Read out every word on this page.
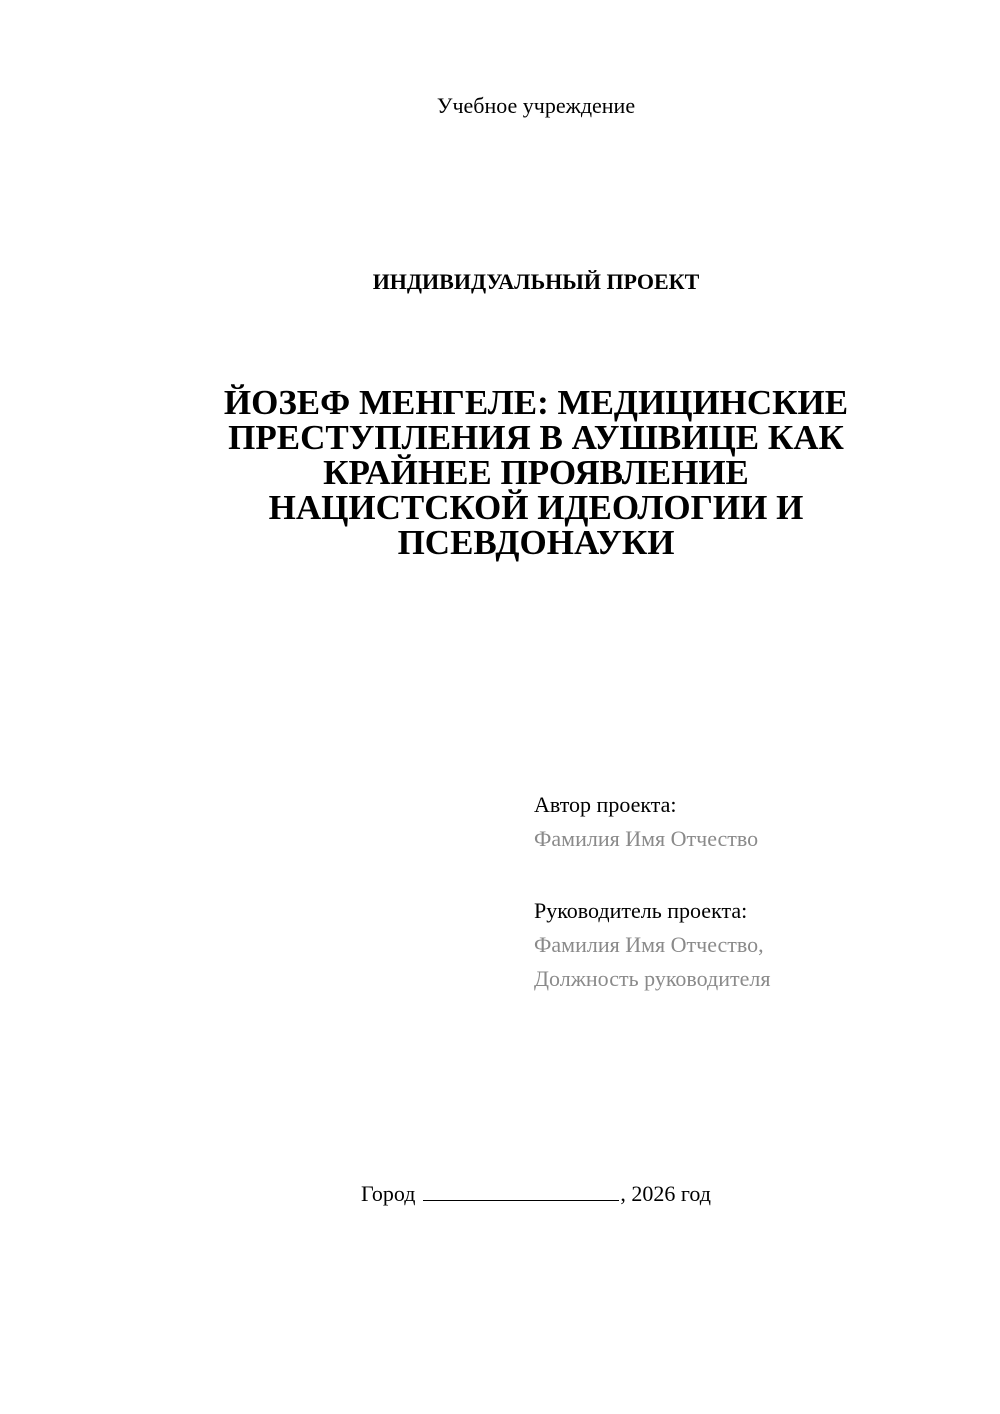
Учебное учреждение
ИНДИВИДУАЛЬНЫЙ ПРОЕКТ
ЙОЗЕФ МЕНГЕЛЕ: МЕДИЦИНСКИЕ
ПРЕСТУПЛЕНИЯ В АУШВИЦЕ КАК
КРАЙНЕЕ ПРОЯВЛЕНИЕ
НАЦИСТСКОЙ ИДЕОЛОГИИ И
ПСЕВДОНАУКИ
Автор проекта:
Фамилия Имя Отчество
Руководитель проекта:
Фамилия Имя Отчество,
Должность руководителя
Город	, 2026 год
